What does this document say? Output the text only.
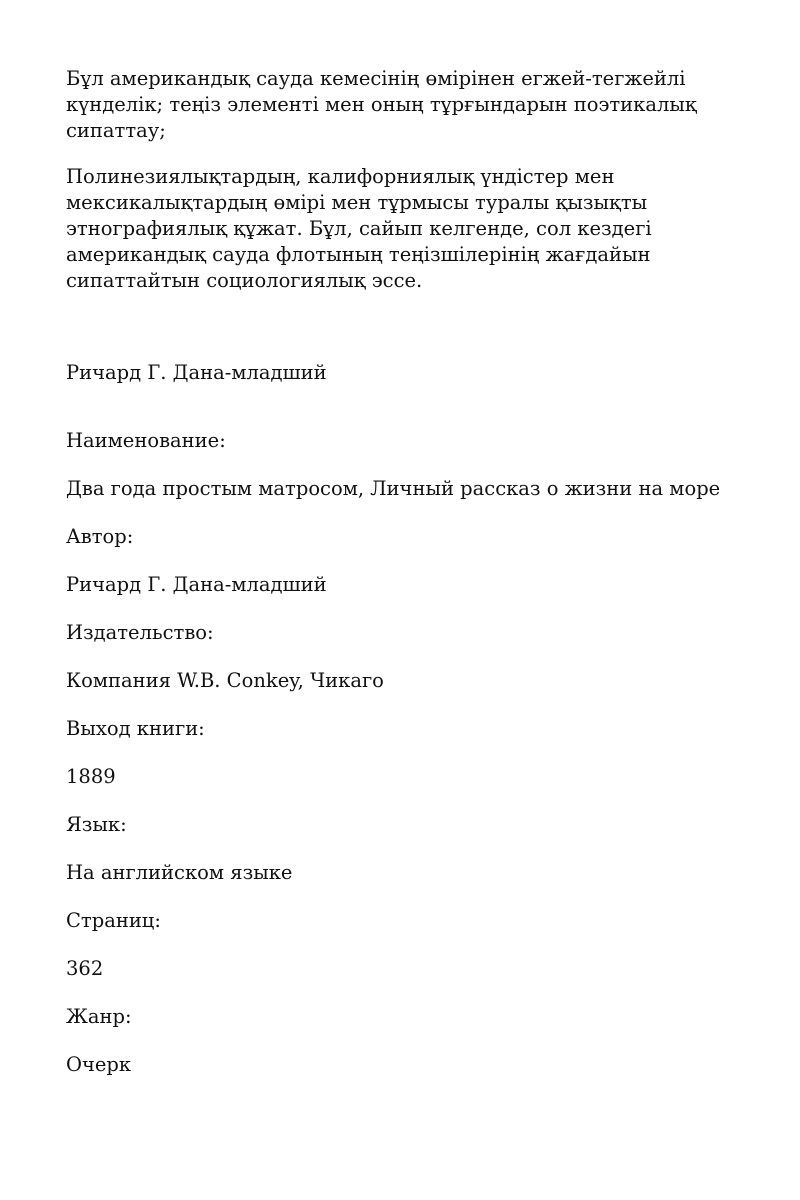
Бұл американдық сауда кемесінің өмірінен егжей-тегжейлі күнделік; теңіз элементі мен оның тұрғындарын поэтикалық сипаттау;

Полинезиялықтардың, калифорниялық үндістер мен мексикалықтардың өмірі мен тұрмысы туралы қызықты этнографиялық құжат. Бұл, сайып келгенде, сол кездегі американдық сауда флотының теңізшілерінің жағдайын сипаттайтын социологиялық эссе.

Ричард Г. Дана-младший

Наименование:

Два года простым матросом, Личный рассказ о жизни на море

Автор:

Ричард Г. Дана-младший

Издательство:

Компания W.B. Conkey, Чикаго

Выход книги:

1889

Язык:

На английском языке

Страниц:

362

Жанр:

Очерк
